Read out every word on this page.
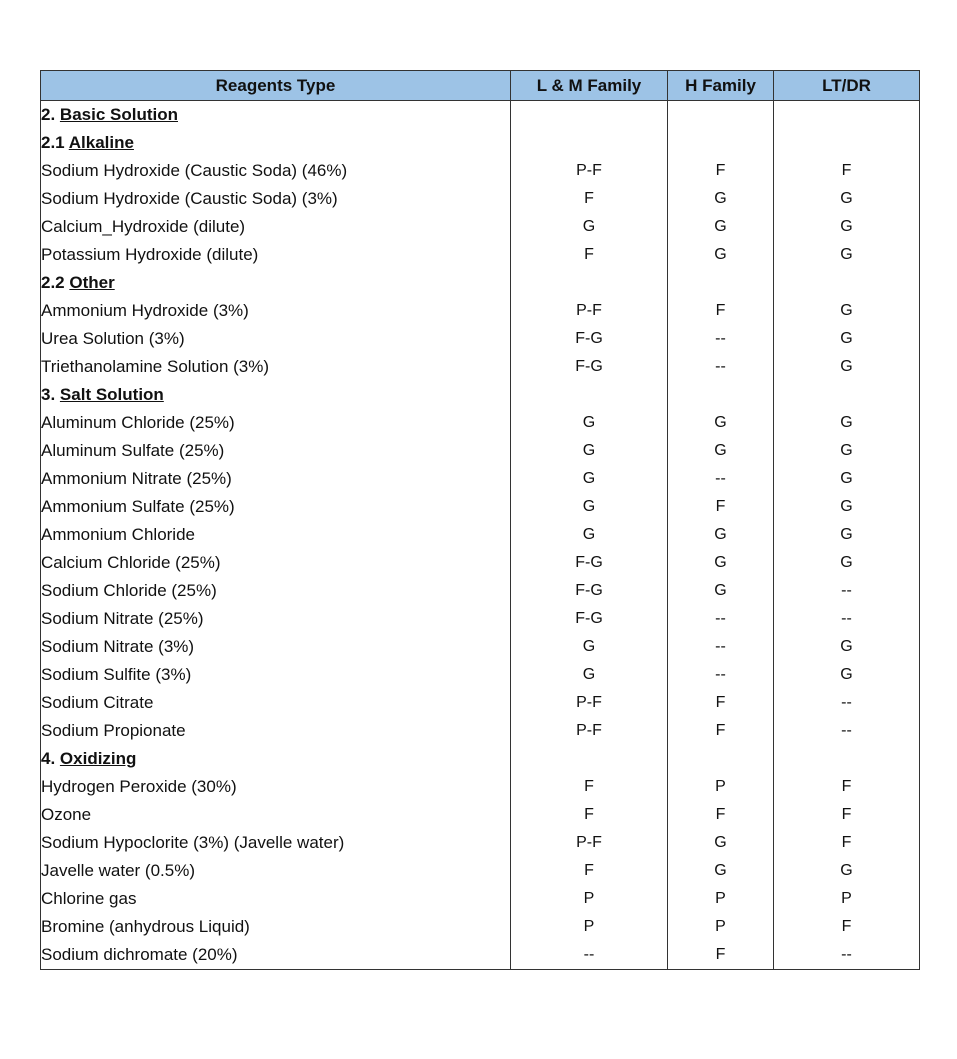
Reagents Type	L & M Family	H Family	LT/DR
2. Basic Solution			
2.1 Alkaline			
Sodium Hydroxide (Caustic Soda) (46%)	P-F	F	F
Sodium Hydroxide (Caustic Soda) (3%)	F	G	G
Calcium_Hydroxide (dilute)	G	G	G
Potassium Hydroxide (dilute)	F	G	G
2.2 Other			
Ammonium Hydroxide (3%)	P-F	F	G
Urea Solution (3%)	F-G	--	G
Triethanolamine Solution (3%)	F-G	--	G
3. Salt Solution			
Aluminum Chloride (25%)	G	G	G
Aluminum Sulfate (25%)	G	G	G
Ammonium Nitrate (25%)	G	--	G
Ammonium Sulfate (25%)	G	F	G
Ammonium Chloride	G	G	G
Calcium Chloride (25%)	F-G	G	G
Sodium Chloride (25%)	F-G	G	--
Sodium Nitrate (25%)	F-G	--	--
Sodium Nitrate (3%)	G	--	G
Sodium Sulfite (3%)	G	--	G
Sodium Citrate	P-F	F	--
Sodium Propionate	P-F	F	--
4. Oxidizing			
Hydrogen Peroxide (30%)	F	P	F
Ozone	F	F	F
Sodium Hypoclorite (3%) (Javelle water)	P-F	G	F
Javelle water (0.5%)	F	G	G
Chlorine gas	P	P	P
Bromine (anhydrous Liquid)	P	P	F
Sodium dichromate (20%)	--	F	--
